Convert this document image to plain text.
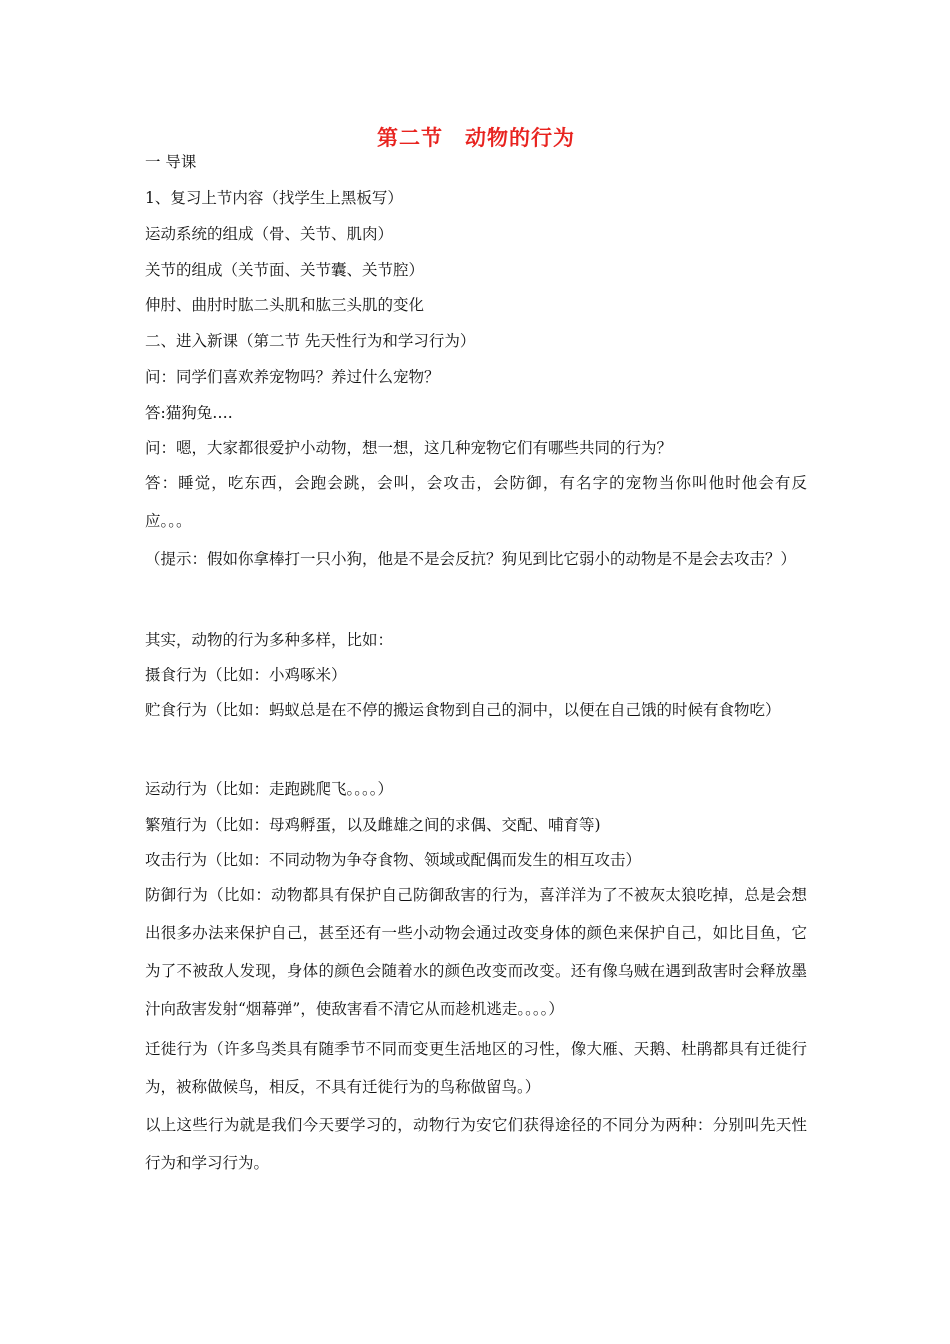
第二节　动物的行为

一 导课

1、复习上节内容（找学生上黑板写）

运动系统的组成（骨、关节、肌肉）

关节的组成（关节面、关节囊、关节腔）

伸肘、曲肘时肱二头肌和肱三头肌的变化

二、进入新课（第二节 先天性行为和学习行为）

问：同学们喜欢养宠物吗？养过什么宠物？

答:猫狗兔….

问：嗯，大家都很爱护小动物，想一想，这几种宠物它们有哪些共同的行为？

答：睡觉，吃东西，会跑会跳，会叫，会攻击，会防御，有名字的宠物当你叫他时他会有反应。。。

（提示：假如你拿棒打一只小狗，他是不是会反抗？狗见到比它弱小的动物是不是会去攻击？）

其实，动物的行为多种多样，比如：

摄食行为（比如：小鸡啄米）

贮食行为（比如：蚂蚁总是在不停的搬运食物到自己的洞中，以便在自己饿的时候有食物吃）

运动行为（比如：走跑跳爬飞。。。。）

繁殖行为（比如：母鸡孵蛋，以及雌雄之间的求偶、交配、哺育等)

攻击行为（比如：不同动物为争夺食物、领域或配偶而发生的相互攻击）

防御行为（比如：动物都具有保护自己防御敌害的行为，喜洋洋为了不被灰太狼吃掉，总是会想出很多办法来保护自己，甚至还有一些小动物会通过改变身体的颜色来保护自己，如比目鱼，它为了不被敌人发现，身体的颜色会随着水的颜色改变而改变。还有像乌贼在遇到敌害时会释放墨汁向敌害发射“烟幕弹”，使敌害看不清它从而趁机逃走。。。。）

迁徙行为（许多鸟类具有随季节不同而变更生活地区的习性，像大雁、天鹅、杜鹃都具有迁徙行为，被称做候鸟，相反，不具有迁徙行为的鸟称做留鸟。）

以上这些行为就是我们今天要学习的，动物行为安它们获得途径的不同分为两种：分别叫先天性行为和学习行为。
